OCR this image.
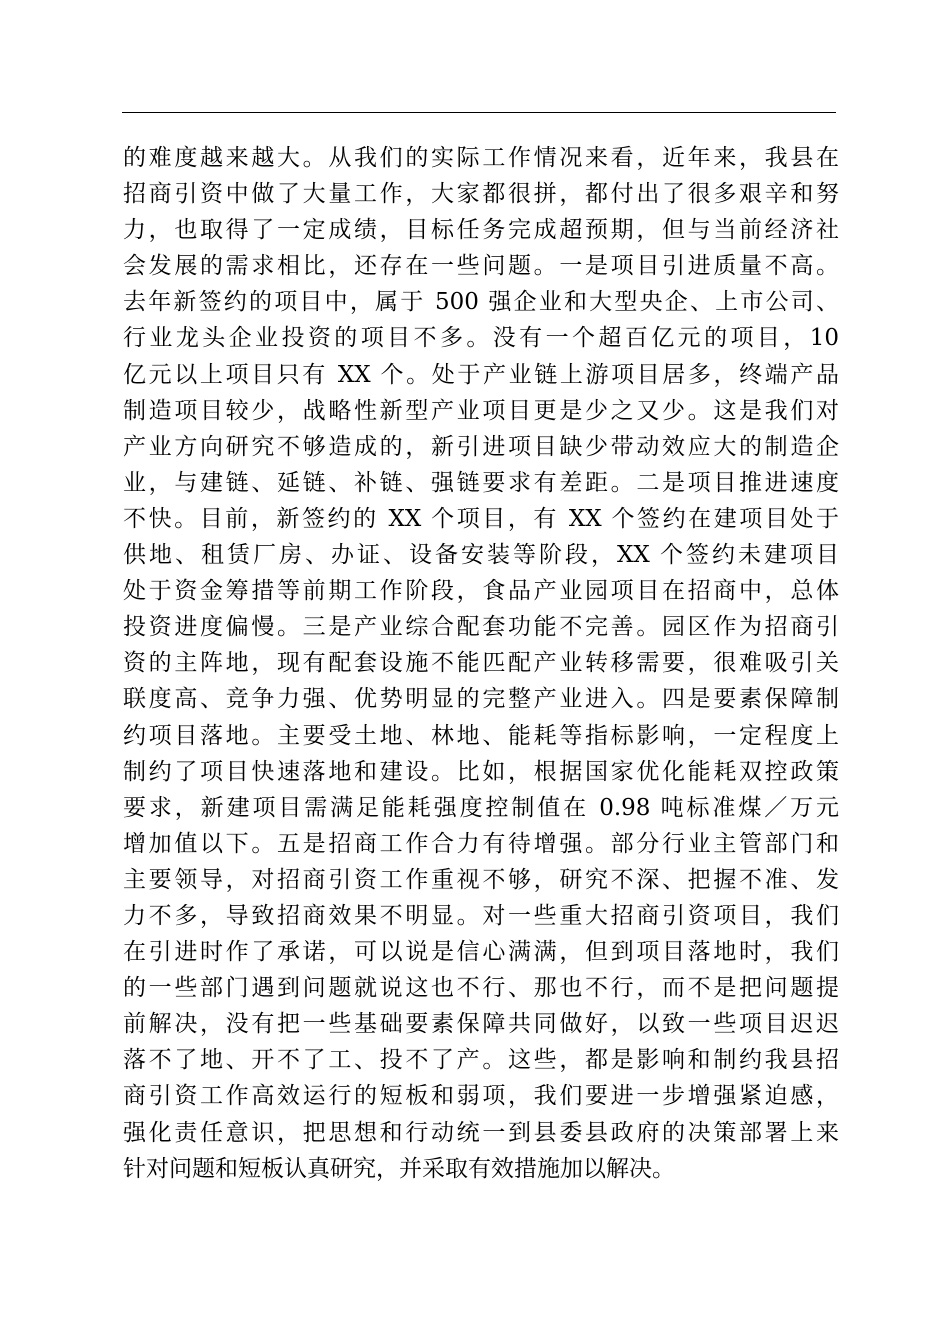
的难度越来越大。从我们的实际工作情况来看，近年来，我县在
招商引资中做了大量工作，大家都很拼，都付出了很多艰辛和努
力，也取得了一定成绩，目标任务完成超预期，但与当前经济社
会发展的需求相比，还存在一些问题。一是项目引进质量不高。
去年新签约的项目中，属于 500 强企业和大型央企、上市公司、
行业龙头企业投资的项目不多。没有一个超百亿元的项目，10
亿元以上项目只有 XX 个。处于产业链上游项目居多，终端产品
制造项目较少，战略性新型产业项目更是少之又少。这是我们对
产业方向研究不够造成的，新引进项目缺少带动效应大的制造企
业，与建链、延链、补链、强链要求有差距。二是项目推进速度
不快。目前，新签约的 XX 个项目，有 XX 个签约在建项目处于
供地、租赁厂房、办证、设备安装等阶段，XX 个签约未建项目
处于资金筹措等前期工作阶段，食品产业园项目在招商中，总体
投资进度偏慢。三是产业综合配套功能不完善。园区作为招商引
资的主阵地，现有配套设施不能匹配产业转移需要，很难吸引关
联度高、竞争力强、优势明显的完整产业进入。四是要素保障制
约项目落地。主要受土地、林地、能耗等指标影响，一定程度上
制约了项目快速落地和建设。比如，根据国家优化能耗双控政策
要求，新建项目需满足能耗强度控制值在 0.98 吨标准煤／万元
增加值以下。五是招商工作合力有待增强。部分行业主管部门和
主要领导，对招商引资工作重视不够，研究不深、把握不准、发
力不多，导致招商效果不明显。对一些重大招商引资项目，我们
在引进时作了承诺，可以说是信心满满，但到项目落地时，我们
的一些部门遇到问题就说这也不行、那也不行，而不是把问题提
前解决，没有把一些基础要素保障共同做好，以致一些项目迟迟
落不了地、开不了工、投不了产。这些，都是影响和制约我县招
商引资工作高效运行的短板和弱项，我们要进一步增强紧迫感，
强化责任意识，把思想和行动统一到县委县政府的决策部署上来
针对问题和短板认真研究，并采取有效措施加以解决。
